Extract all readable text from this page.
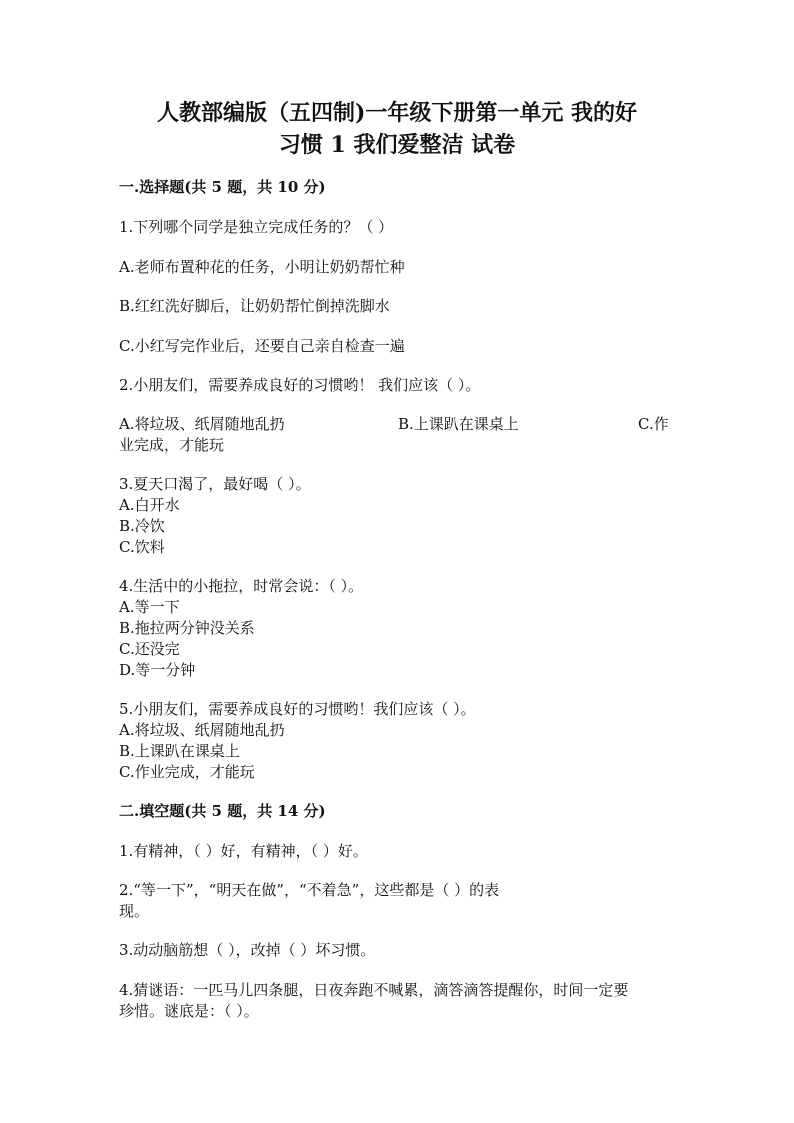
人教部编版（五四制)一年级下册第一单元 我的好
习惯 1 我们爱整洁 试卷
一.选择题(共 5 题，共 10 分)
1.下列哪个同学是独立完成任务的？（ ）
A.老师布置种花的任务，小明让奶奶帮忙种
B.红红洗好脚后，让奶奶帮忙倒掉洗脚水
C.小红写完作业后，还要自己亲自检查一遍
2.小朋友们，需要养成良好的习惯哟！ 我们应该（ ）。
A.将垃圾、纸屑随地乱扔	B.上课趴在课桌上	C.作
业完成，才能玩
3.夏天口渴了，最好喝（ ）。
A.白开水
B.冷饮
C.饮料
4.生活中的小拖拉，时常会说：（ ）。
A.等一下
B.拖拉两分钟没关系
C.还没完
D.等一分钟
5.小朋友们，需要养成良好的习惯哟！我们应该（ ）。
A.将垃圾、纸屑随地乱扔
B.上课趴在课桌上
C.作业完成，才能玩
二.填空题(共 5 题，共 14 分)
1.有精神，（ ）好，有精神，（ ）好。
2.“等一下”，“明天在做”，“不着急”，这些都是（ ）的表
现。
3.动动脑筋想（ ），改掉（ ）坏习惯。
4.猜谜语：一匹马儿四条腿，日夜奔跑不喊累，滴答滴答提醒你，时间一定要
珍惜。谜底是：（ ）。
